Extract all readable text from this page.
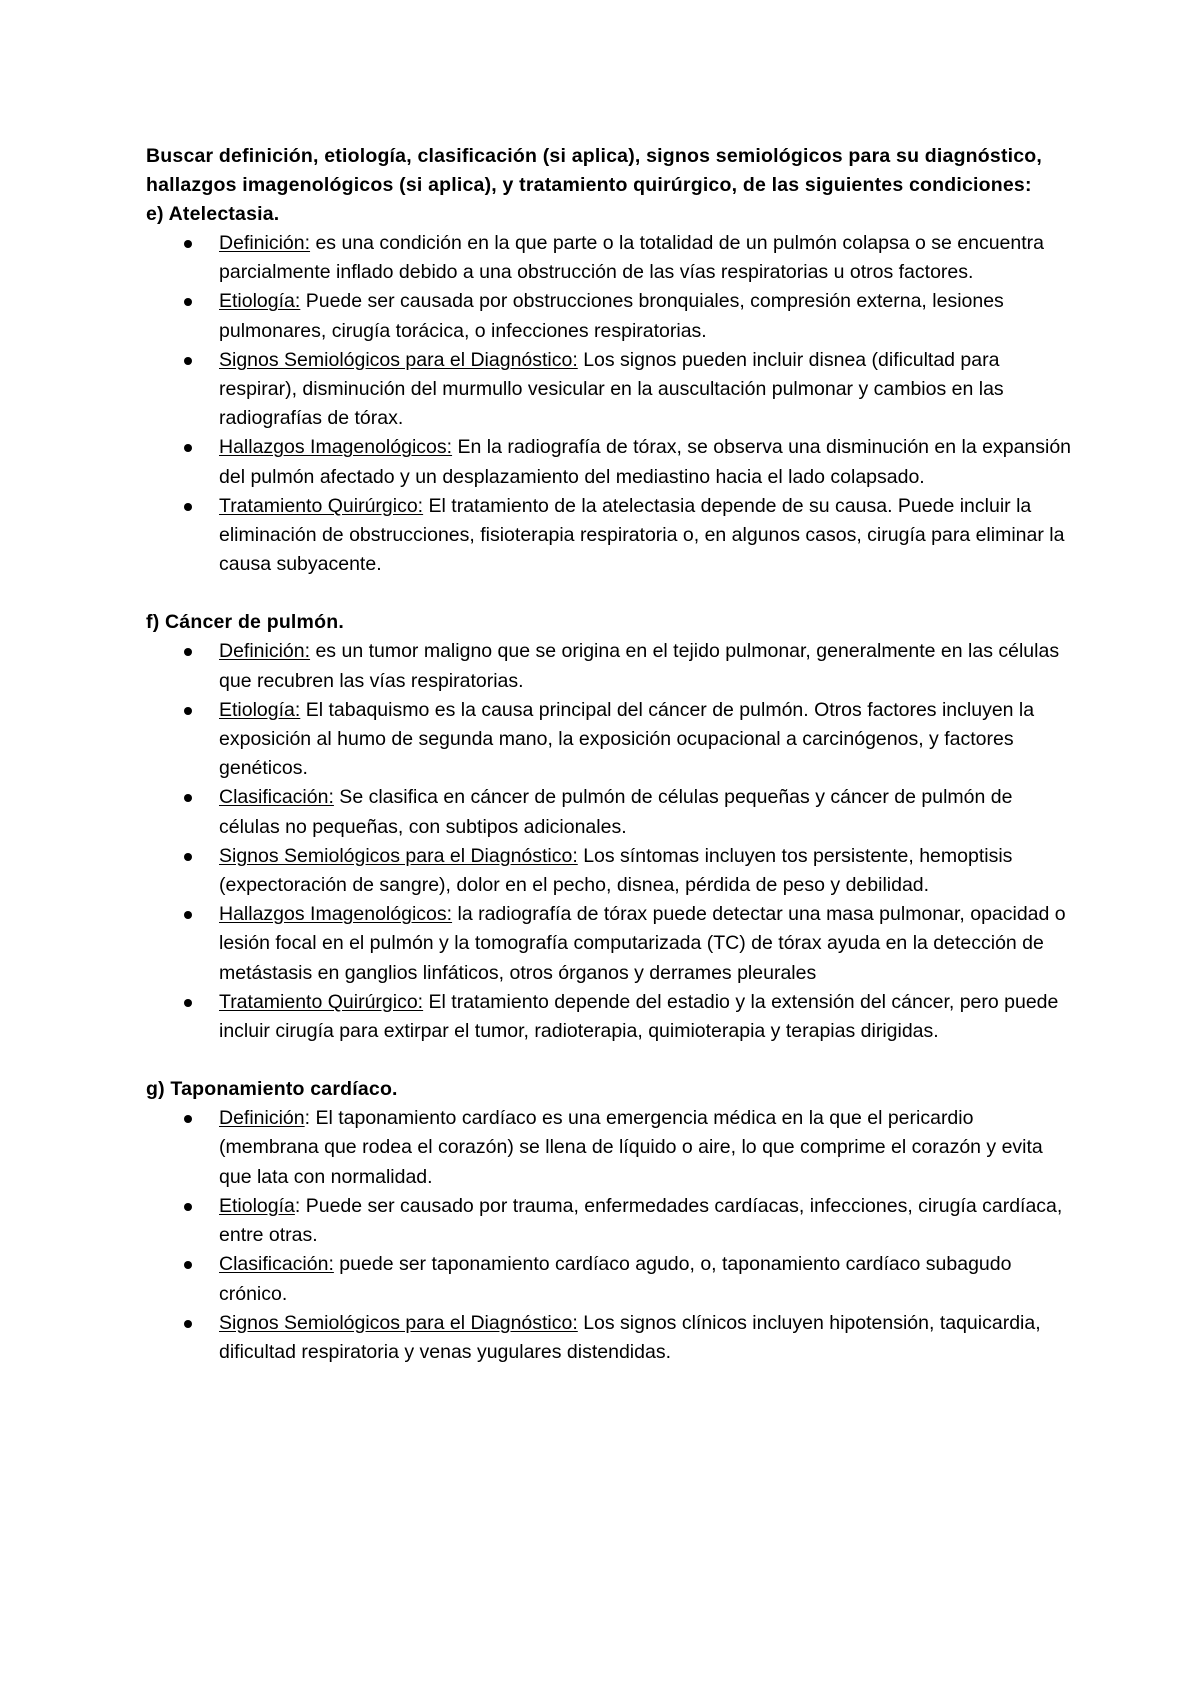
Buscar definición, etiología, clasificación (si aplica), signos semiológicos para su diagnóstico, hallazgos imagenológicos (si aplica), y tratamiento quirúrgico, de las siguientes condiciones:

e) Atelectasia.

Definición: es una condición en la que parte o la totalidad de un pulmón colapsa o se encuentra parcialmente inflado debido a una obstrucción de las vías respiratorias u otros factores.
Etiología: Puede ser causada por obstrucciones bronquiales, compresión externa, lesiones pulmonares, cirugía torácica, o infecciones respiratorias.
Signos Semiológicos para el Diagnóstico: Los signos pueden incluir disnea (dificultad para respirar), disminución del murmullo vesicular en la auscultación pulmonar y cambios en las radiografías de tórax.
Hallazgos Imagenológicos: En la radiografía de tórax, se observa una disminución en la expansión del pulmón afectado y un desplazamiento del mediastino hacia el lado colapsado.
Tratamiento Quirúrgico: El tratamiento de la atelectasia depende de su causa. Puede incluir la eliminación de obstrucciones, fisioterapia respiratoria o, en algunos casos, cirugía para eliminar la causa subyacente.

f) Cáncer de pulmón.

Definición: es un tumor maligno que se origina en el tejido pulmonar, generalmente en las células que recubren las vías respiratorias.
Etiología: El tabaquismo es la causa principal del cáncer de pulmón. Otros factores incluyen la exposición al humo de segunda mano, la exposición ocupacional a carcinógenos, y factores genéticos.
Clasificación: Se clasifica en cáncer de pulmón de células pequeñas y cáncer de pulmón de células no pequeñas, con subtipos adicionales.
Signos Semiológicos para el Diagnóstico: Los síntomas incluyen tos persistente, hemoptisis (expectoración de sangre), dolor en el pecho, disnea, pérdida de peso y debilidad.
Hallazgos Imagenológicos: la radiografía de tórax puede detectar una masa pulmonar, opacidad o lesión focal en el pulmón y la tomografía computarizada (TC) de tórax ayuda en la detección de metástasis en ganglios linfáticos, otros órganos y derrames pleurales
Tratamiento Quirúrgico: El tratamiento depende del estadio y la extensión del cáncer, pero puede incluir cirugía para extirpar el tumor, radioterapia, quimioterapia y terapias dirigidas.

g) Taponamiento cardíaco.

Definición: El taponamiento cardíaco es una emergencia médica en la que el pericardio (membrana que rodea el corazón) se llena de líquido o aire, lo que comprime el corazón y evita que lata con normalidad.
Etiología: Puede ser causado por trauma, enfermedades cardíacas, infecciones, cirugía cardíaca, entre otras.
Clasificación: puede ser taponamiento cardíaco agudo, o, taponamiento cardíaco subagudo crónico.
Signos Semiológicos para el Diagnóstico: Los signos clínicos incluyen hipotensión, taquicardia, dificultad respiratoria y venas yugulares distendidas.
